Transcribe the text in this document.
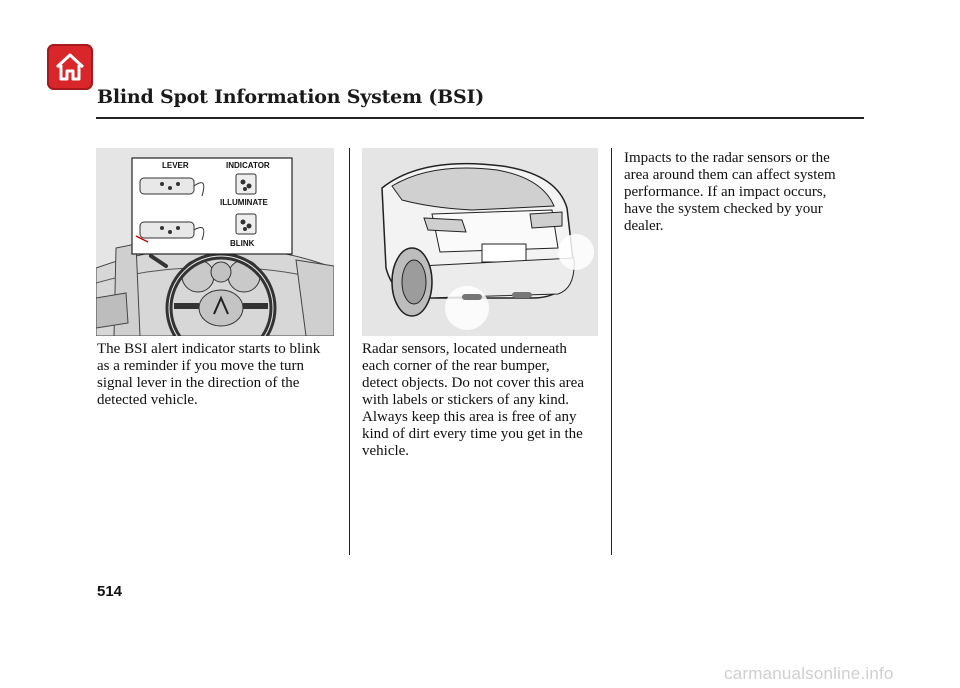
Blind Spot Information System (BSI)
LEVER	INDICATOR
ILLUMINATE
BLINK
The BSI alert indicator starts to blink
as a reminder if you move the turn
signal lever in the direction of the
detected vehicle.
Radar sensors, located underneath
each corner of the rear bumper,
detect objects. Do not cover this area
with labels or stickers of any kind.
Always keep this area is free of any
kind of dirt every time you get in the
vehicle.
Impacts to the radar sensors or the
area around them can affect system
performance. If an impact occurs,
have the system checked by your
dealer.
514
carmanualsonline.info
